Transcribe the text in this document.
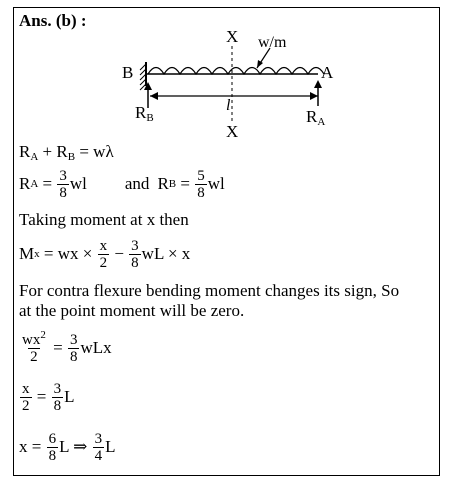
Ans. (b) :
X
X
w/m
B	A
l
$R_B$	$R_A$
$R_A + R_B = w\lambda$
R $A = \frac{3}{8}$ wl and R $B = \frac{5}{8}$ wl
Taking moment at x then
M x = wx × $\frac{x}{2} - \frac{3}{8}$ wL × x
For contra flexure bending moment changes its sign, So
at the point moment will be zero.
$\frac{wx^2}{2} = \frac{3}{8}$ wLx
$\frac{x}{2} = \frac{3}{8}$ L
$x = \frac{6}{8}$ L ⇒ $\frac{3}{4}$ L
